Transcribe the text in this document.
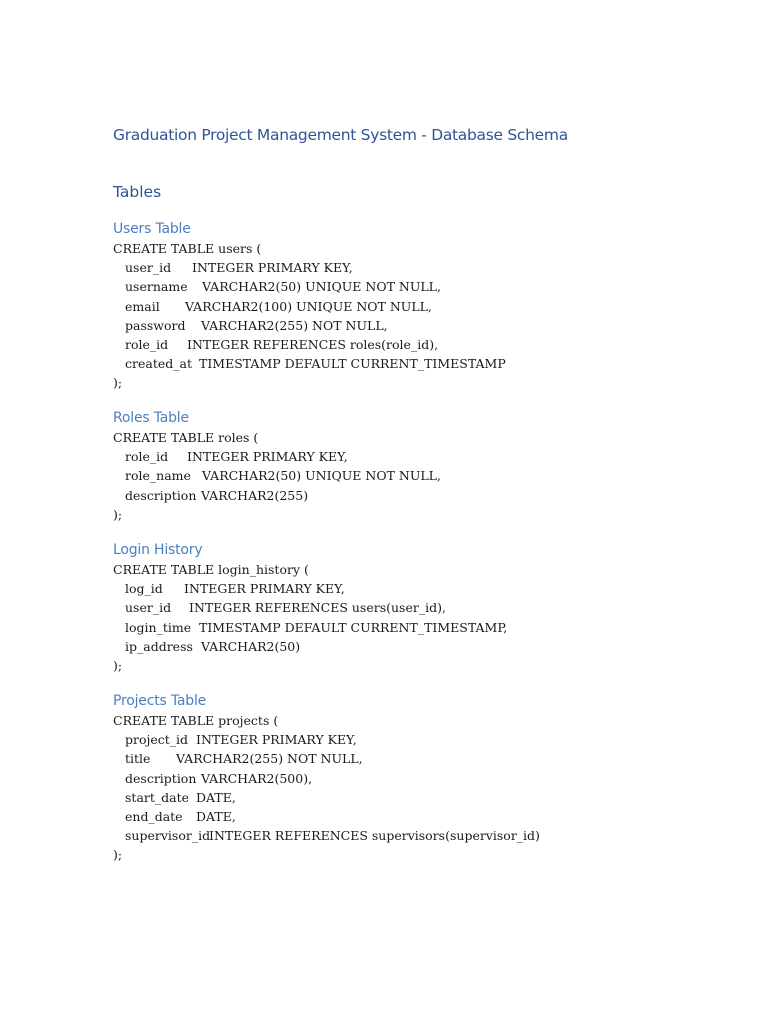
Graduation Project Management System - Database Schema
Tables
Users Table
CREATE TABLE users (
user_id INTEGER PRIMARY KEY,
username VARCHAR2(50) UNIQUE NOT NULL,
email VARCHAR2(100) UNIQUE NOT NULL,
password VARCHAR2(255) NOT NULL,
role_id INTEGER REFERENCES roles(role_id),
created_at TIMESTAMP DEFAULT CURRENT_TIMESTAMP
);
Roles Table
CREATE TABLE roles (
role_id INTEGER PRIMARY KEY,
role_name VARCHAR2(50) UNIQUE NOT NULL,
description VARCHAR2(255)
);
Login History
CREATE TABLE login_history (
log_id INTEGER PRIMARY KEY,
user_id INTEGER REFERENCES users(user_id),
login_time TIMESTAMP DEFAULT CURRENT_TIMESTAMP,
ip_address VARCHAR2(50)
);
Projects Table
CREATE TABLE projects (
project_id INTEGER PRIMARY KEY,
title VARCHAR2(255) NOT NULL,
description VARCHAR2(500),
start_date DATE,
end_date DATE,
supervisor_id
INTEGER REFERENCES supervisors(supervisor_id)
);
